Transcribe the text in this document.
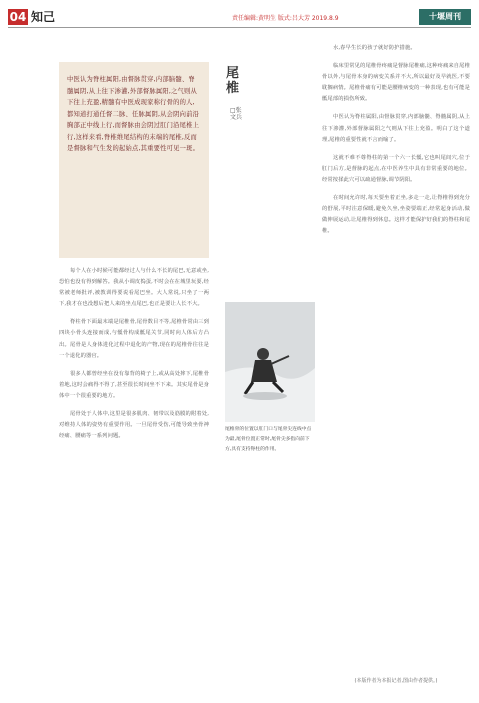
04 知己	责任编辑:黄明生 版式:吕大芳 2019.8.9	十堰周刊

中医认为脊柱属阳,由督脉贯穿,内部脑髓、脊髓属阴,从上往下渗灌,外部督脉属阳,之气则从下往上充盈,精髓有中医成现家称行骨的的人,都知道打通任督二脉、任脉属阴,从会阴向前沿胸部正中线上行,而督脉由会阴过肛门沿尾椎上行,这样来看,脊椎维尾结构的末端的尾椎,反而是督脉和气生发的起始点,其重要性可见一斑。

尾椎
□张文兵

每个人在小时候可能都经过人与什么不长的尾巴,无意或坐,恐怕也没有得到解答。我从小调皮捣蛋,不时会在在城里玩耍,经常被老师批评,被教训得要说看尾巴坐。大人常说,只坐了一两下,我才在也没想后把人来的坐点尾巴,也正是要让人长不大。

脊柱骨下面最末端是尾椎骨,尾骨数目不等,尾椎骨常由三到四块小骨头连接而成,与骶骨构成骶尾关节,同时向人体后方凸出。尾骨是人身体进化过程中退化的产物,现在的尾椎骨往往是一个退化的器官。

很多人都曾经坐在没有靠背的椅子上,或从高处摔下,尾椎骨着地,这时会痛得不得了,甚至很长时间坐不下来。其实尾骨是身体中一个很重要的地方。

尾骨处于人体中,这里是很多肌肉、韧带以及筋膜的附着处,对维持人体的姿势有重要作用。一旦尾骨受伤,可能导致坐骨神经痛、腰痛等一系列问题。

尾椎骨的位置以肛门口与尾骨尖连线中点为最,尾骨位置正常时,尾骨尖多指向前下方,具有支持脊柱的作用。

水,春早生长的孩子就好防护措施。

临床里常见的尾椎骨疼痛是督脉尾椎痛,这种疼痛来自尾椎骨以外,与尾骨本身的病变关系并不大,所以最好及早就医,不要耽搁病情。尾椎骨痛有可能是腰椎病变的一种表现,也有可能是骶尾部的损伤所致。

中医认为脊柱属阳,由督脉贯穿,内部脑髓、脊髓属阴,从上往下渗灌,外部督脉属阳之气则从下往上充盈。明白了这个道理,尾椎的重要性就不言而喻了。

这就不难不尊脊柱的第一个六一长骶,它也叫尾闾穴,位于肛门后方,是督脉的起点,在中医养生中具有非常重要的地位。经常按揉此穴可以疏通督脉,调节阴阳。

在时间允许时,每天要坐着正坐,多走一走,让脊椎得到充分的舒展,平时注意保暖,避免久坐,坐姿要端正,经常起身活动,做做伸展运动,让尾椎得到休息。这样才能保护好我们的脊柱和尾椎。

(本版作者为本报记者,图由作者提供。)
